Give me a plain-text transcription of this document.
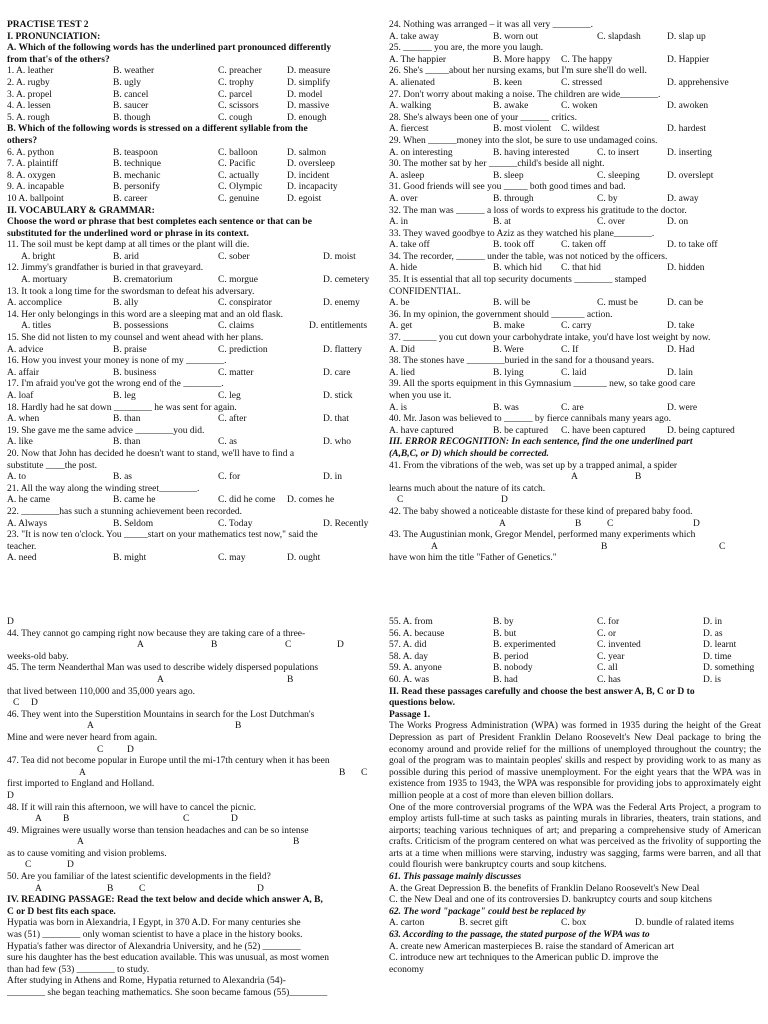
PRACTISE TEST 2
I. PRONUNCIATION:
A. Which of the following words has the underlined part pronounced differently
from that's of the others?
1. A. leather	B. weather	C. preacher	D. measure
2. A. rugby	B. ugly	C. trophy	D. simplify
3. A. propel	B. cancel	C. parcel	D. model
4. A. lessen	B. saucer	C. scissors	D. massive
5. A. rough	B. though	C. cough	D. enough
B. Which of the following words is stressed on a different syllable from the
others?
6. A. python	B. teaspoon	C. balloon	D. salmon
7. A. plaintiff	B. technique	C. Pacific	D. oversleep
8. A. oxygen	B. mechanic	C. actually	D. incident
9. A. incapable	B. personify	C. Olympic	D. incapacity
10 A. ballpoint	B. career	C. genuine	D. egoist
II. VOCABULARY & GRAMMAR:
Choose the word or phrase that best completes each sentence or that can be
substituted for the underlined word or phrase in its context.
11. The soil must be kept damp at all times or the plant will die.
A. bright	B. arid	C. sober	D. moist
12. Jimmy's grandfather is buried in that graveyard.
A. mortuary	B. crematorium	C. morgue	D. cemetery
13. It took a long time for the swordsman to defeat his adversary.
A. accomplice	B. ally	C. conspirator	D. enemy
14. Her only belongings in this word are a sleeping mat and an old flask.
A. titles	B. possessions	C. claims	D. entitlements
15. She did not listen to my counsel and went ahead with her plans.
A. advice	B. praise	C. prediction	D. flattery
16. How you invest your money is none of my ________.
A. affair	B. business	C. matter	D. care
17. I'm afraid you've got the wrong end of the ________.
A. loaf	B. leg	C. leg	D. stick
18. Hardly had he sat down ________ he was sent for again.
A. when	B. than	C. after	D. that
19. She gave me the same advice ________you did.
A. like	B. than	C. as	D. who
20. Now that John has decided he doesn't want to stand, we'll have to find a
substitute ____the post.
A. to	B. as	C. for	D. in
21. All the way along the winding street________.
A. he came	B. came he	C. did he come D. comes he
22. ________has such a stunning achievement been recorded.
A. Always	B. Seldom	C. Today	D. Recently
23. "It is now ten o'clock. You _____start on your mathematics test now," said the
teacher.
A. need	B. might	C. may	D. ought
24. Nothing was arranged – it was all very ________.
A. take away	B. worn out	C. slapdash	D. slap up
25. ______ you are, the more you laugh.
A. The happier	B. More happy C. The happy	D. Happier
26. She's _____about her nursing exams, but I'm sure she'll do well.
A. alienated	B. keen	C. stressed	D. apprehensive
27. Don't worry about making a noise. The children are wide________.
A. walking	B. awake	C. woken	D. awoken
28. She's always been one of your ______ critics.
A. fiercest	B. most violent C. wildest	D. hardest
29. When ______money into the slot, be sure to use undamaged coins.
A. on interesting	B. having interested	C. to insert	D. inserting
30. The mother sat by her ______child's beside all night.
A. asleep	B. sleep	C. sleeping	D. overslept
31. Good friends will see you _____ both good times and bad.
A. over	B. through	C. by	D. away
32. The man was ______ a loss of words to express his gratitude to the doctor.
A. in	B. at	C. over	D. on
33. They waved goodbye to Aziz as they watched his plane________.
A. take off	B. took off	C. taken off	D. to take off
34. The recorder, ______ under the table, was not noticed by the officers.
A. hide	B. which hid C. that hid	D. hidden
35. It is essential that all top security documents ________ stamped
CONFIDENTIAL.
A. be	B. will be	C. must be	D. can be
36. In my opinion, the government should _______ action.
A. get	B. make	C. carry	D. take
37. _______ you cut down your carbohydrate intake, you'd have lost weight by now.
A. Did	B. Were	C. If	D. Had
38. The stones have ________buried in the sand for a thousand years.
A. lied	B. lying	C. laid	D. lain
39. All the sports equipment in this Gymnasium _______ new, so take good care
when you use it.
A. is	B. was	C. are	D. were
40. Mr. Jason was believed to ______ by fierce cannibals many years ago.
A. have captured	B. be captured C. have been captured D. being captured
III. ERROR RECOGNITION: In each sentence, find the one underlined part
(A,B,C, or D) which should be corrected.
41. From the vibrations of the web, was set up by a trapped animal, a spider
A	B
learns much about the nature of its catch.
C	D
42. The baby showed a noticeable distaste for these kind of prepared baby food.
A	B	C	D
43. The Augustinian monk, Gregor Mendel, performed many experiments which
A	B	C
have won him the title "Father of Genetics."
D
44. They cannot go camping right now because they are taking care of a three-
A	B	C	D
weeks-old baby.
45. The term Neanderthal Man was used to describe widely dispersed populations
A	B
that lived between 110,000 and 35,000 years ago.
C D
46. They went into the Superstition Mountains in search for the Lost Dutchman's
A	B
Mine and were never heard from again.
C D
47. Tea did not become popular in Europe until the mi-17th century when it has been
A	B C
first imported to England and Holland.
D
48. If it will rain this afternoon, we will have to cancel the picnic.
A B	C	D
49. Migraines were usually worse than tension headaches and can be so intense
A	B
as to cause vomiting and vision problems.
C	D
50. Are you familiar of the latest scientific developments in the field?
A	B	C	D
IV. READING PASSAGE: Read the text below and decide which answer A, B,
C or D best fits each space.
Hypatia was born in Alexandria, I Egypt, in 370 A.D. For many centuries she
was (51) ________ only woman scientist to have a place in the history books.
Hypatia's father was director of Alexandria University, and he (52) ________
sure his daughter has the best education available. This was unusual, as most women
than had few (53) ________ to study.
After studying in Athens and Rome, Hypatia returned to Alexandria (54)-
________ she began teaching mathematics. She soon became famous (55)________
55. A. from	B. by	C. for	D. in
56. A. because	B. but	C. or	D. as
57. A. did	B. experimented	C. invented	D. learnt
58. A. day	B. period	C. year	D. time
59. A. anyone	B. nobody	C. all	D. something
60. A. was	B. had	C. has	D. is
II. Read these passages carefully and choose the best answer A, B, C or D to
questions below.
Passage 1.
The Works Progress Administration (WPA) was formed in 1935 during the height of the Great Depression as part of President Franklin Delano Roosevelt's New Deal package to bring the economy around and provide relief for the millions of unemployed throughout the country; the goal of the program was to maintain peoples' skills and respect by providing work to as many as possible during this period of massive unemployment. For the eight years that the WPA was in existence from 1935 to 1943, the WPA was responsible for providing jobs to approximately eight million people at a cost of more than eleven billion dollars.
One of the more controversial programs of the WPA was the Federal Arts Project, a program to employ artists full-time at such tasks as painting murals in libraries, theaters, train stations, and airports; teaching various techniques of art; and preparing a comprehensive study of American crafts. Criticism of the program centered on what was perceived as the frivolity of supporting the arts at a time when millions were starving, industry was sagging, farms were barren, and all that could flourish were bankruptcy courts and soup kitchens.
61. This passage mainly discusses
A. the Great Depression B. the benefits of Franklin Delano Roosevelt's New Deal
C. the New Deal and one of its controversies D. bankruptcy courts and soup kitchens
62. The word "package" could best be replaced by
A. carton	B. secret gift	C. box	D. bundle of ralated items
63. According to the passage, the stated purpose of the WPA was to
A. create new American masterpieces B. raise the standard of American art
C. introduce new art techniques to the American public D. improve the
economy
